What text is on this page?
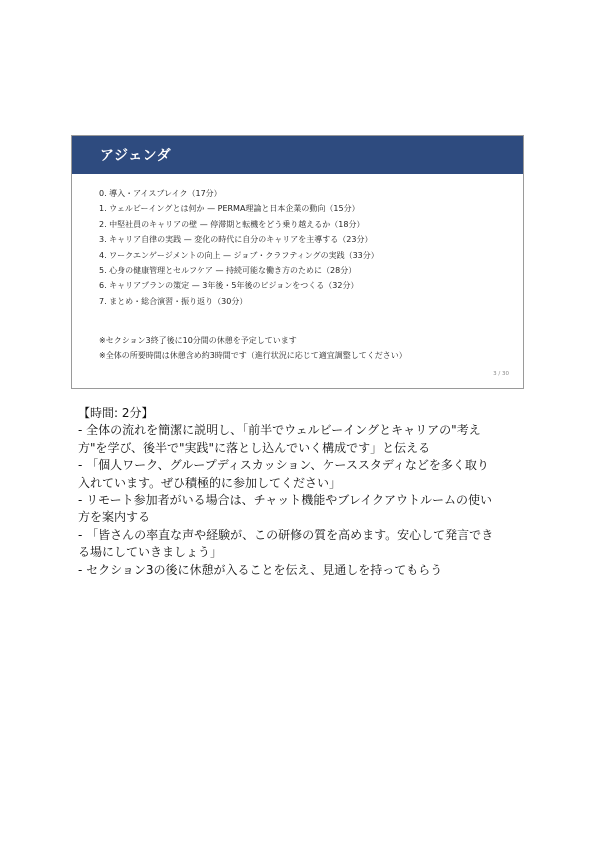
アジェンダ
0. 導入・アイスブレイク（17分）
1. ウェルビーイングとは何か — PERMA理論と日本企業の動向（15分）
2. 中堅社員のキャリアの壁 — 停滞期と転機をどう乗り越えるか（18分）
3. キャリア自律の実践 — 変化の時代に自分のキャリアを主導する（23分）
4. ワークエンゲージメントの向上 — ジョブ・クラフティングの実践（33分）
5. 心身の健康管理とセルフケア — 持続可能な働き方のために（28分）
6. キャリアプランの策定 — 3年後・5年後のビジョンをつくる（32分）
7. まとめ・総合演習・振り返り（30分）
※セクション3終了後に10分間の休憩を予定しています
※全体の所要時間は休憩含め約3時間です（進行状況に応じて適宜調整してください）
3 / 30
【時間: 2分】
- 全体の流れを簡潔に説明し、「前半でウェルビーイングとキャリアの"考え
方"を学び、後半で"実践"に落とし込んでいく構成です」と伝える
- 「個人ワーク、グループディスカッション、ケーススタディなどを多く取り
入れています。ぜひ積極的に参加してください」
- リモート参加者がいる場合は、チャット機能やブレイクアウトルームの使い
方を案内する
- 「皆さんの率直な声や経験が、この研修の質を高めます。安心して発言でき
る場にしていきましょう」
- セクション3の後に休憩が入ることを伝え、見通しを持ってもらう
